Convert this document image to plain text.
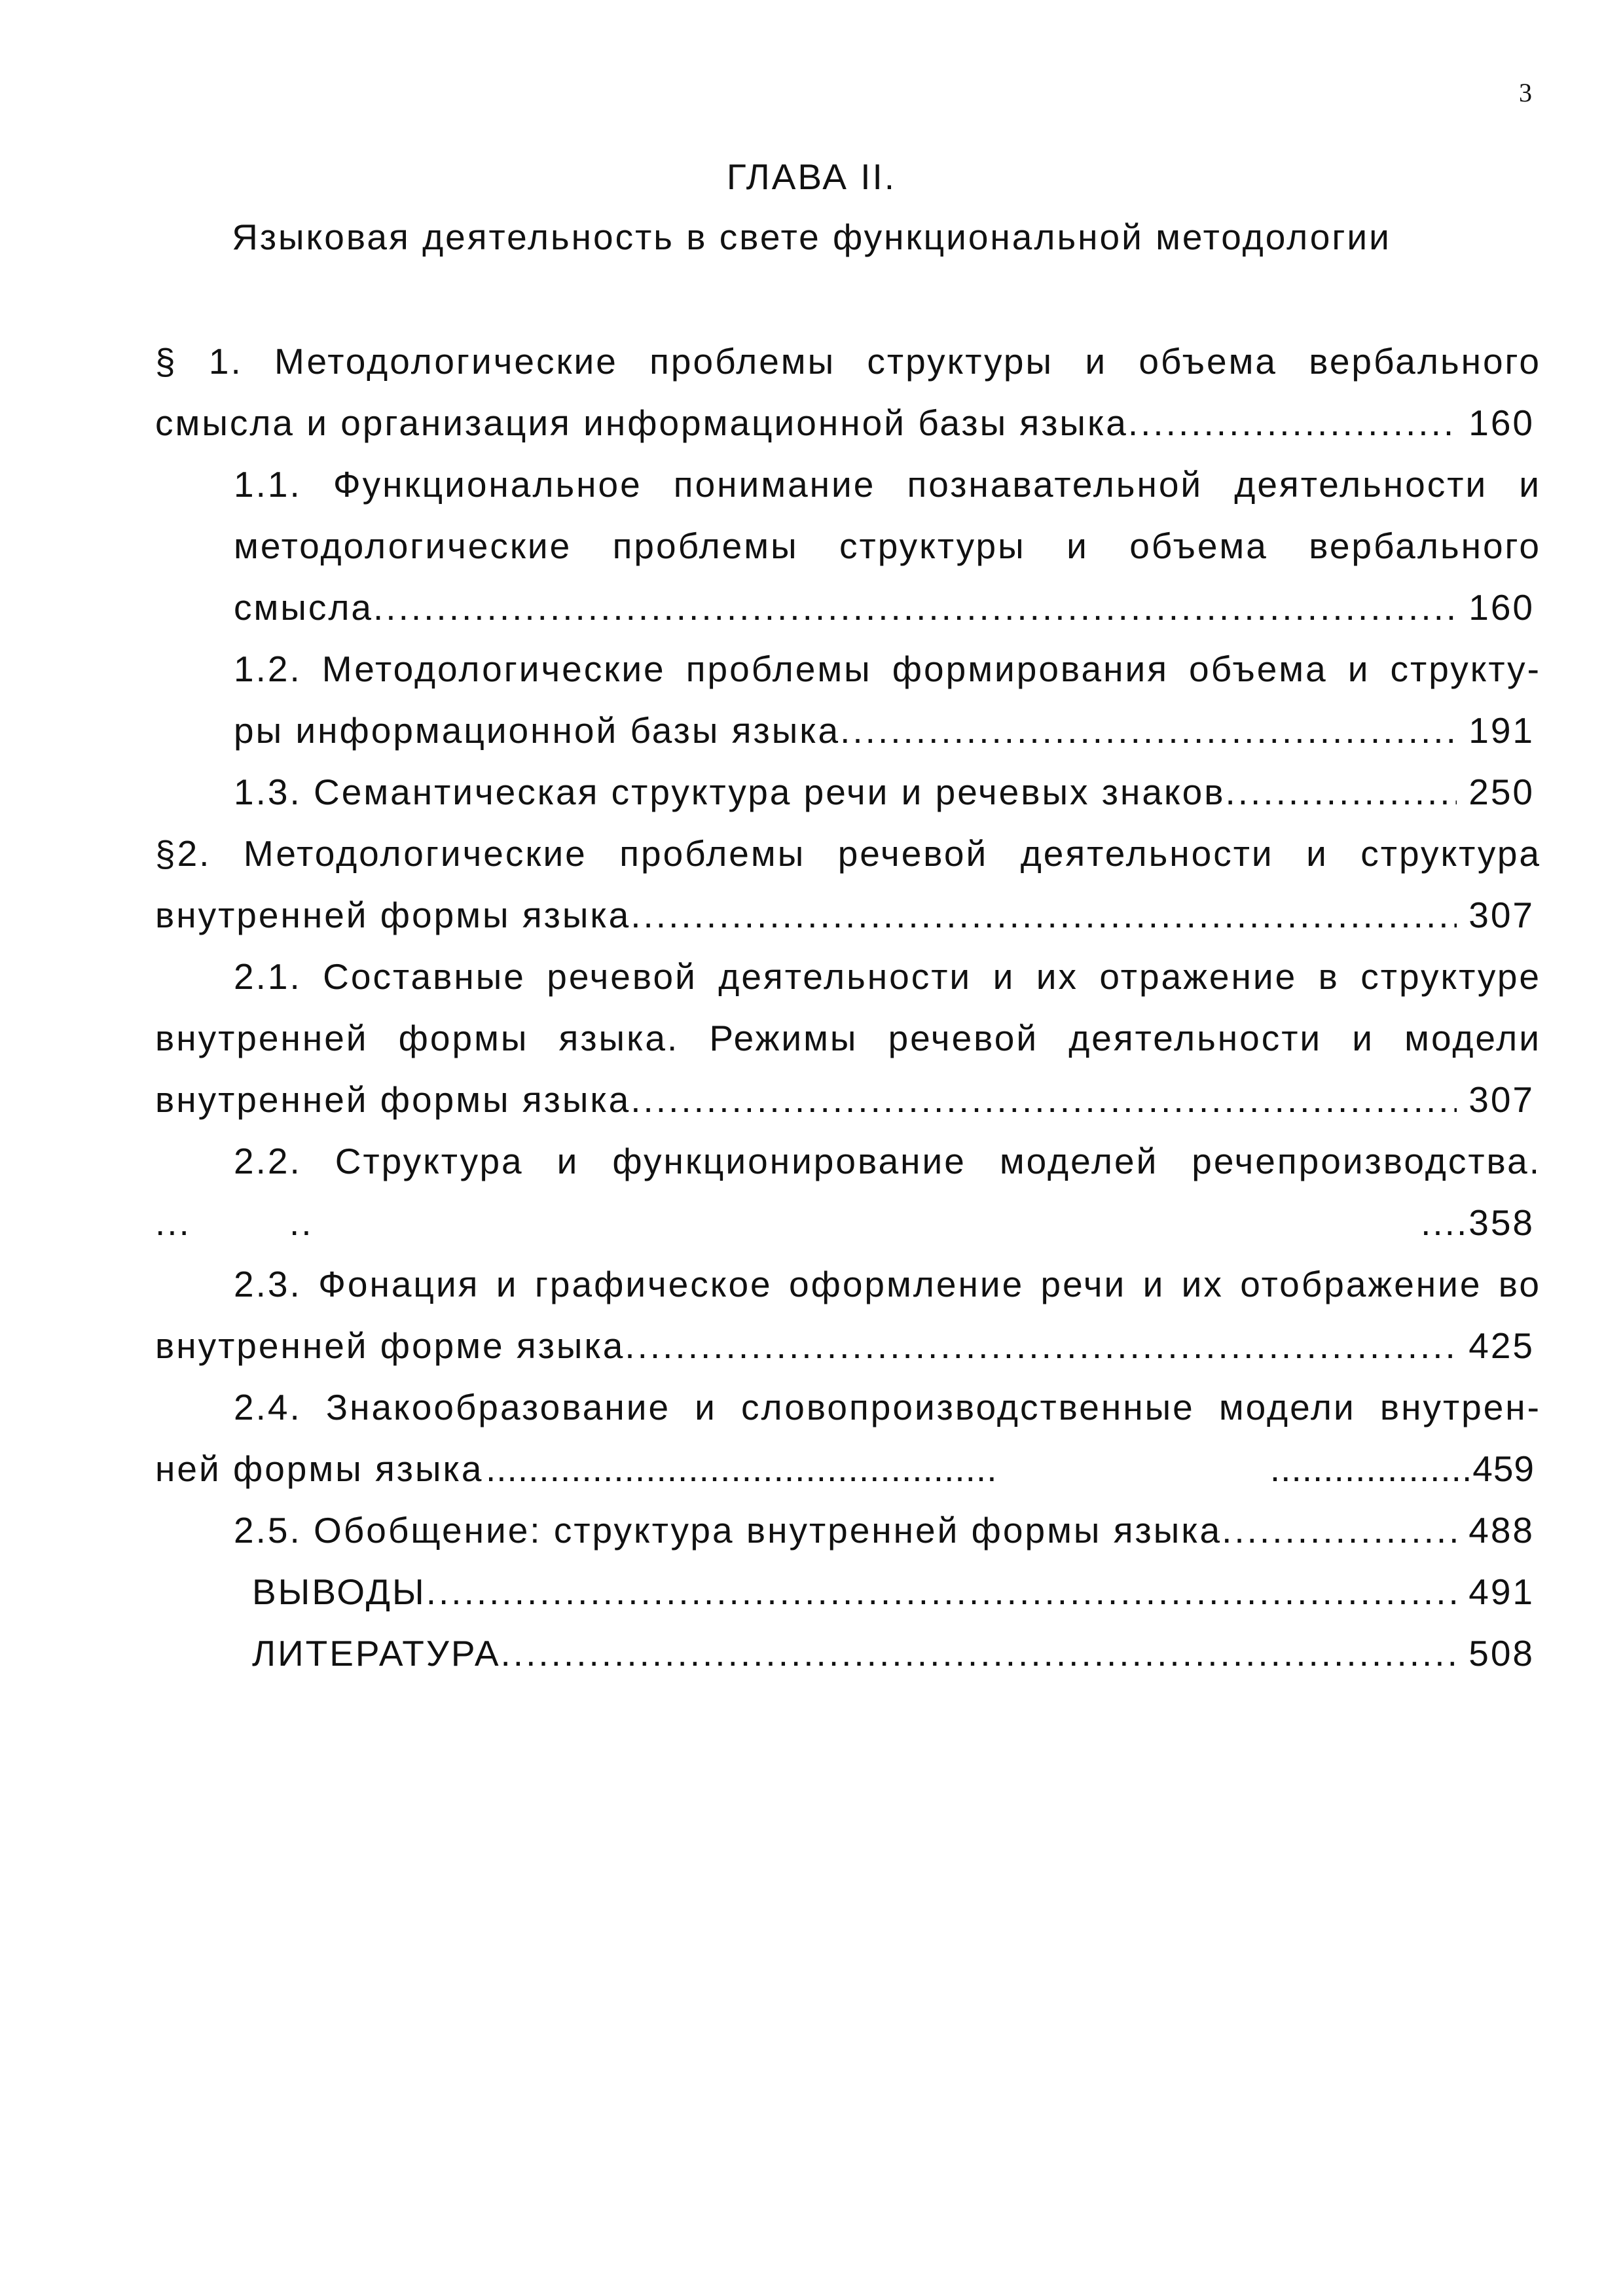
3
ГЛАВА II.
Языковая деятельность в свете функциональной методологии
§ 1. Методологические проблемы структуры и объема вербального
смысла и организация информационной базы языка .....	160
1.1. Функциональное понимание познавательной деятельности и
методологические проблемы структуры и объема вербального
смысла .....	160
1.2. Методологические проблемы формирования объема и структу-
ры информационной базы языка .....	191
1.3. Семантическая структура речи и речевых знаков .....	250
§2. Методологические проблемы речевой деятельности и структура
внутренней формы языка .....	307
2.1. Составные речевой деятельности и их отражение в структуре
внутренней формы языка. Режимы речевой деятельности и модели
внутренней формы языка .....	307
2.2. Структура и функционирование моделей речепроизводства.
...	..	....358
2.3. Фонация и графическое оформление речи и их отображение во
внутренней форме языка .....	425
2.4. Знакообразование и словопроизводственные модели внутрен-
ней формы языка ................................................	...................459
2.5. Обобщение: структура внутренней формы языка .....	488
ВЫВОДЫ .....	491
ЛИТЕРАТУРА .....	508
